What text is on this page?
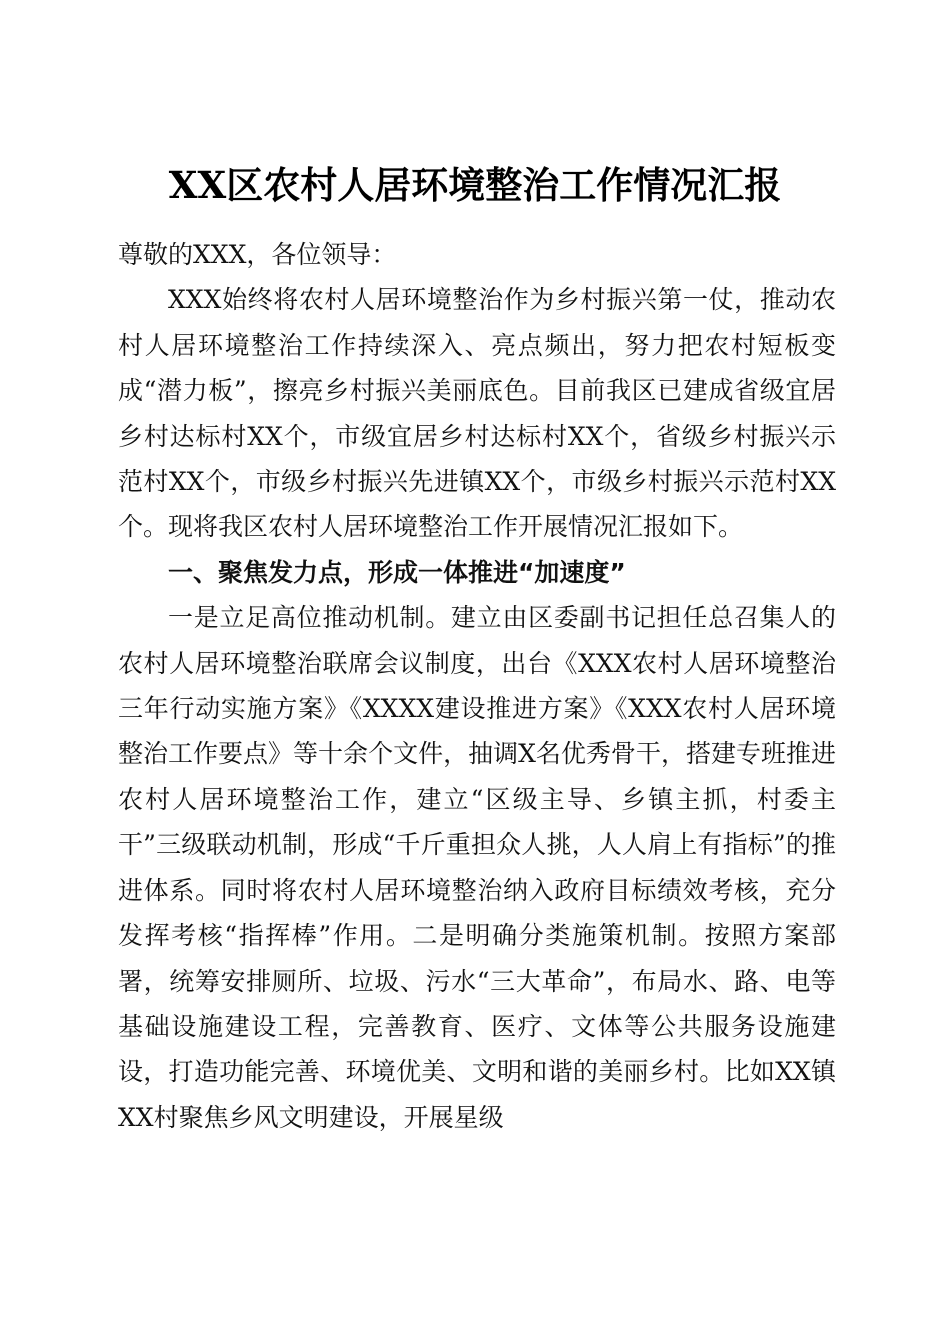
XX区农村人居环境整治工作情况汇报

尊敬的XXX，各位领导：

XXX始终将农村人居环境整治作为乡村振兴第一仗，推动农村人居环境整治工作持续深入、亮点频出，努力把农村短板变成“潜力板”，擦亮乡村振兴美丽底色。目前我区已建成省级宜居乡村达标村XX个，市级宜居乡村达标村XX个，省级乡村振兴示范村XX个，市级乡村振兴先进镇XX个，市级乡村振兴示范村XX个。现将我区农村人居环境整治工作开展情况汇报如下。

一、聚焦发力点，形成一体推进“加速度”

一是立足高位推动机制。建立由区委副书记担任总召集人的农村人居环境整治联席会议制度，出台《XXX农村人居环境整治三年行动实施方案》《XXXX建设推进方案》《XXX农村人居环境整治工作要点》等十余个文件，抽调X名优秀骨干，搭建专班推进农村人居环境整治工作，建立“区级主导、乡镇主抓，村委主干”三级联动机制，形成“千斤重担众人挑，人人肩上有指标”的推进体系。同时将农村人居环境整治纳入政府目标绩效考核，充分发挥考核“指挥棒”作用。二是明确分类施策机制。按照方案部署，统筹安排厕所、垃圾、污水“三大革命”，布局水、路、电等基础设施建设工程，完善教育、医疗、文体等公共服务设施建设，打造功能完善、环境优美、文明和谐的美丽乡村。比如XX镇XX村聚焦乡风文明建设，开展星级
